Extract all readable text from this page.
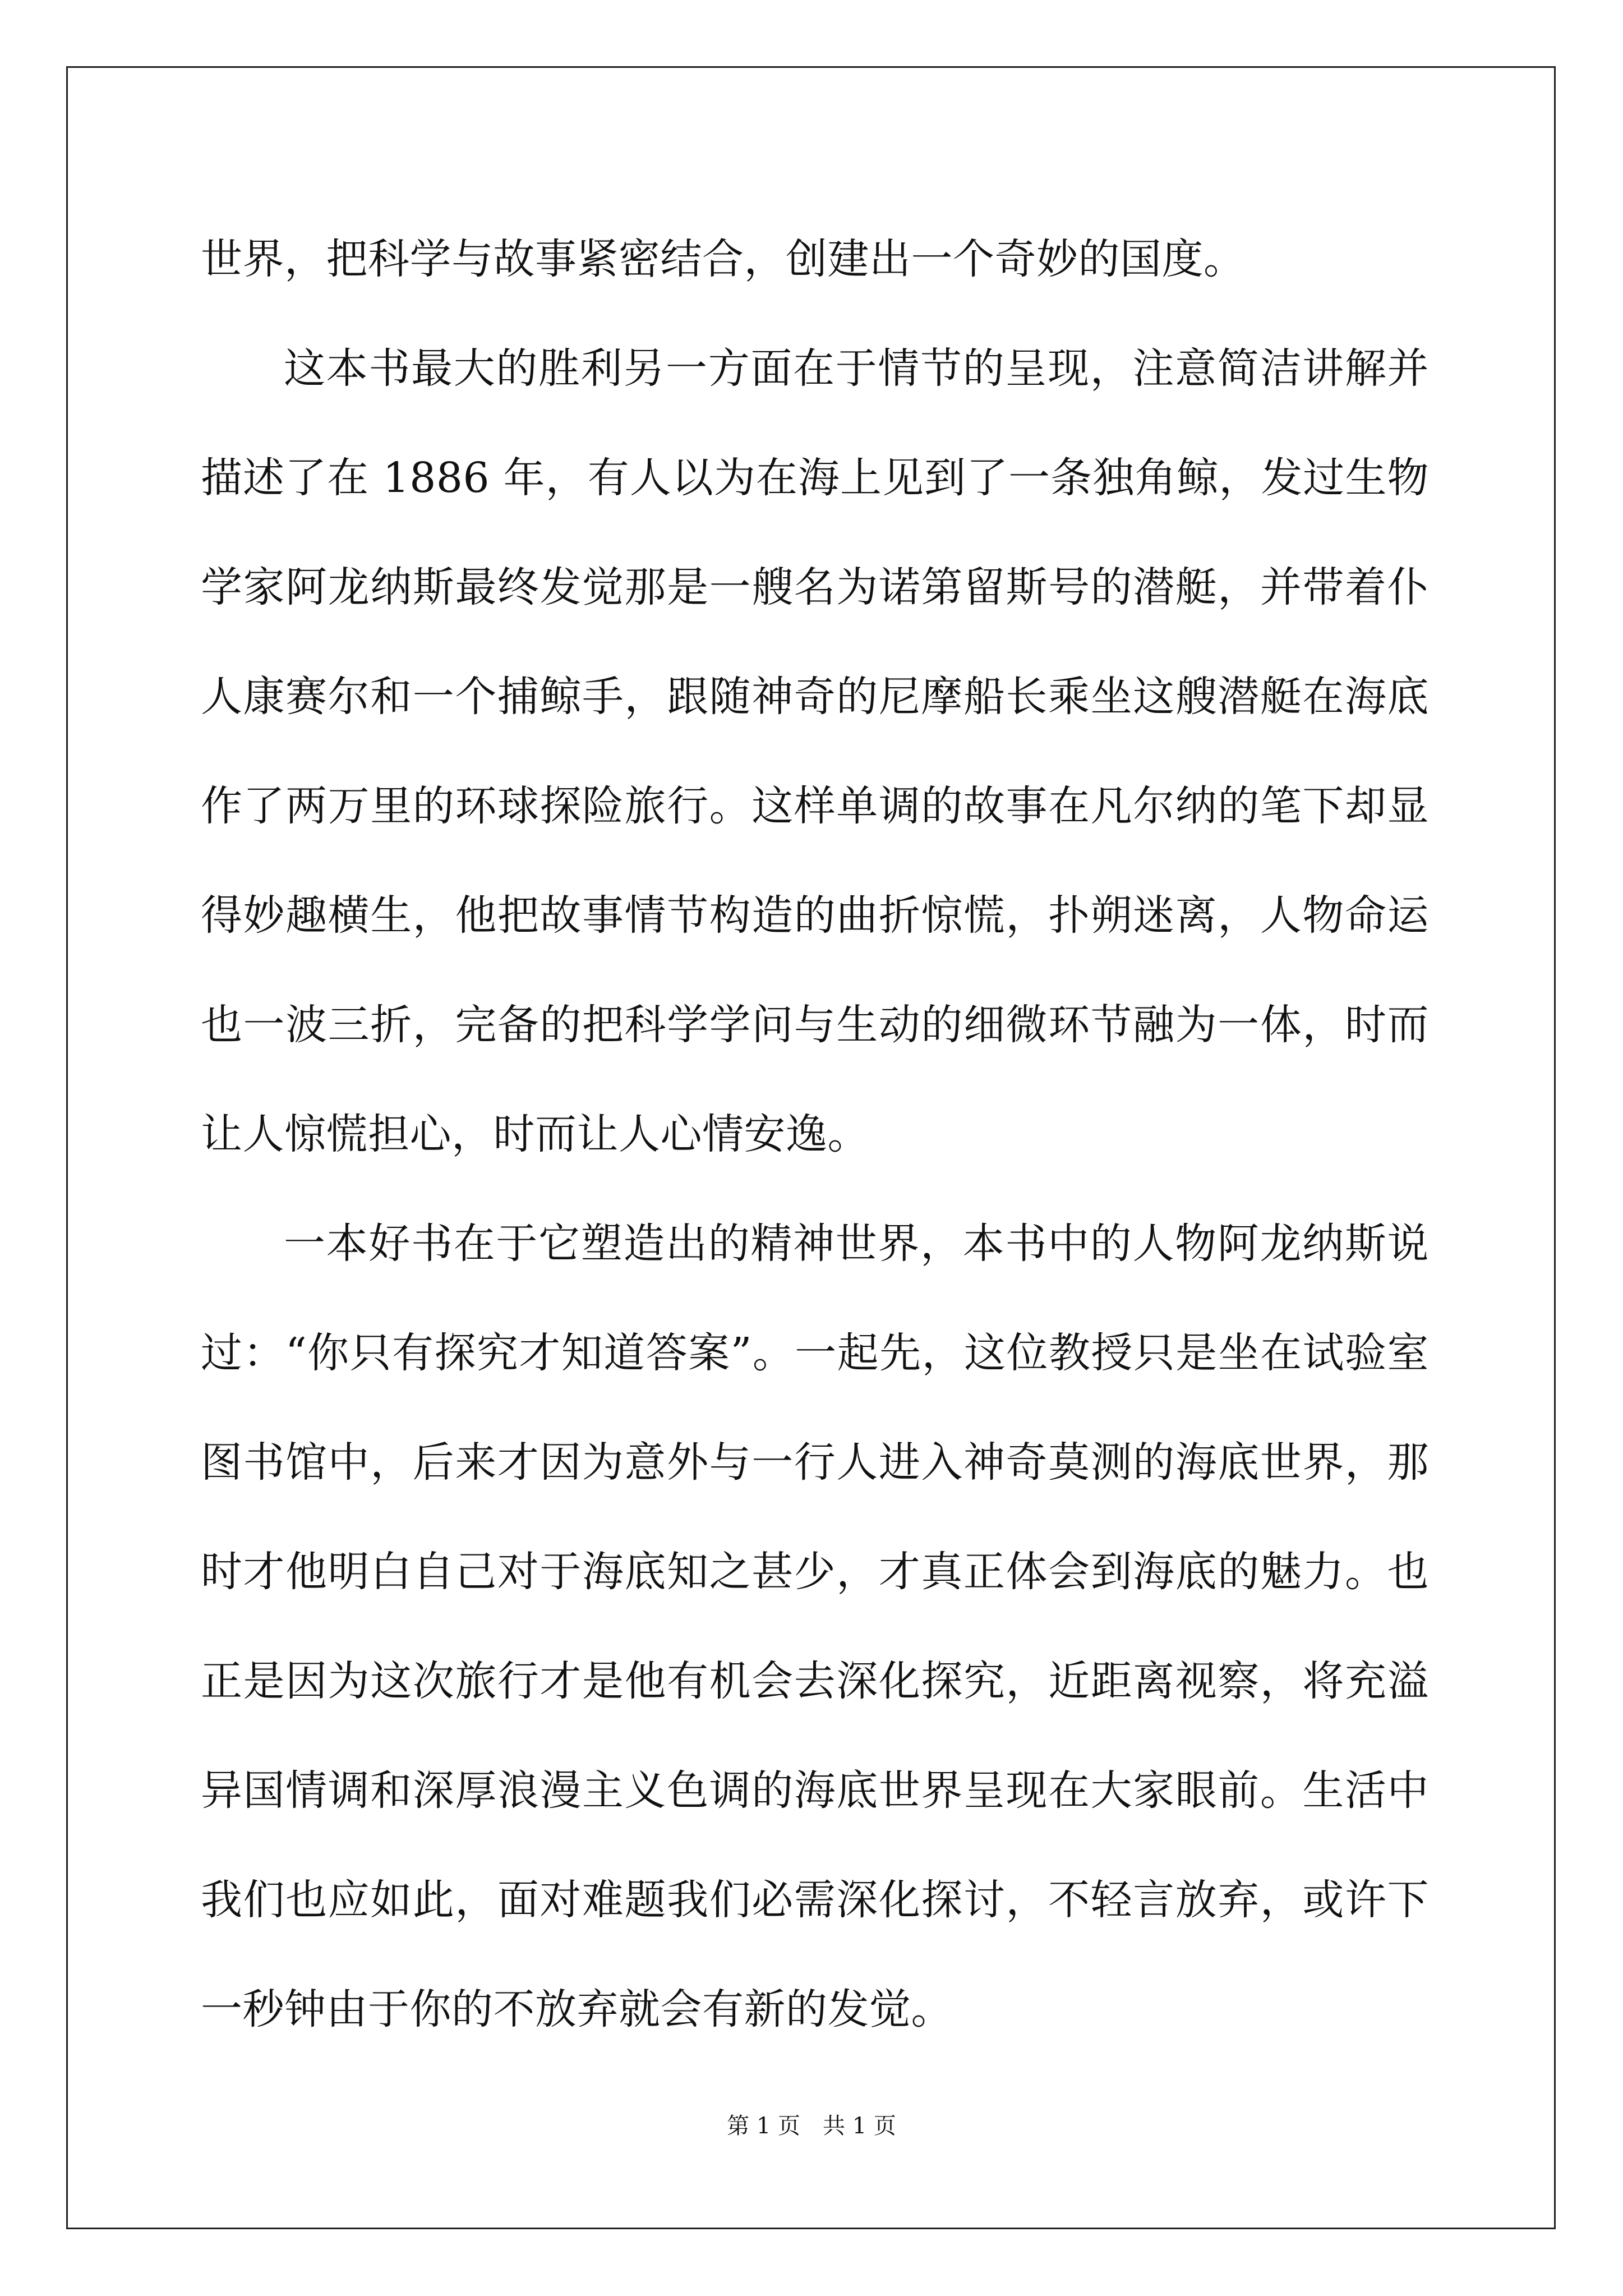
世界，把科学与故事紧密结合，创建出一个奇妙的国度。

这本书最大的胜利另一方面在于情节的呈现，注意简洁讲解并描述了在 1886 年，有人以为在海上见到了一条独角鲸，发过生物学家阿龙纳斯最终发觉那是一艘名为诺第留斯号的潜艇，并带着仆人康赛尔和一个捕鲸手，跟随神奇的尼摩船长乘坐这艘潜艇在海底作了两万里的环球探险旅行。这样单调的故事在凡尔纳的笔下却显得妙趣横生，他把故事情节构造的曲折惊慌，扑朔迷离，人物命运也一波三折，完备的把科学学问与生动的细微环节融为一体，时而让人惊慌担心，时而让人心情安逸。

一本好书在于它塑造出的精神世界，本书中的人物阿龙纳斯说过：“你只有探究才知道答案”。一起先，这位教授只是坐在试验室图书馆中，后来才因为意外与一行人进入神奇莫测的海底世界，那时才他明白自己对于海底知之甚少，才真正体会到海底的魅力。也正是因为这次旅行才是他有机会去深化探究，近距离视察，将充溢异国情调和深厚浪漫主义色调的海底世界呈现在大家眼前。生活中我们也应如此，面对难题我们必需深化探讨，不轻言放弃，或许下一秒钟由于你的不放弃就会有新的发觉。

第 1 页　共 1 页
